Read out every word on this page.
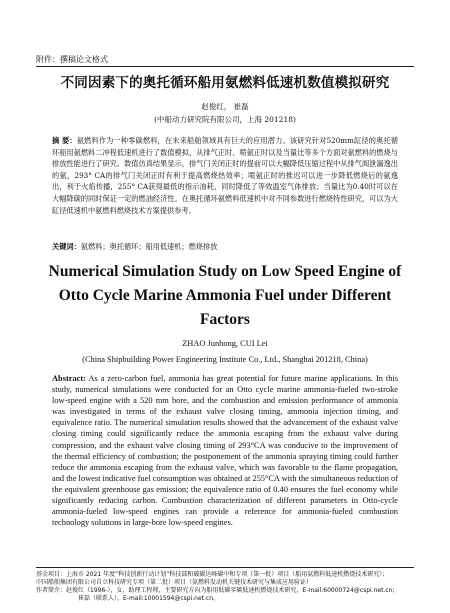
附件：撰稿论文格式
不同因素下的奥托循环船用氨燃料低速机数值模拟研究
赵俊红， 崔磊
(中船动力研究院有限公司，上海 201218)
摘 要：氨燃料作为一种零碳燃料，在未来船舶领域具有巨大的应用潜力。该研究针对520mm缸径的奥托循环船用氨燃料二冲程低速机进行了数值模拟，从排气正时、喷氨正时以及当量比等多个方面对氨燃料的燃烧与排放性能进行了研究。数值仿真结果显示，排气门关闭正时的提前可以大幅降低压缩过程中从排气阀泄漏逸出的氨，293° CA的排气门关闭正时有利于提高燃烧热效率；喷氨正时的推迟可以进一步降低燃烧后的氨逸出，利于火焰传播，255° CA获得最低的指示油耗，同时降低了等效温室气体排放；当量比为0.40时可以在大幅降碳的同时保证一定的燃油经济性。在奥托循环氨燃料低速机中对不同参数进行燃烧特性研究，可以为大缸径低速机中氨燃料燃烧技术方案提供参考。
关键词：氨燃料；奥托循环；船用低速机；燃烧排放
Numerical Simulation Study on Low Speed Engine of Otto Cycle Marine Ammonia Fuel under Different Factors
ZHAO Junhong, CUI Lei
(China Shipbuilding Power Engineering Institute Co., Ltd., Shanghai 201218, China)
Abstract: As a zero-carbon fuel, ammonia has great potential for future marine applications. In this study, numerical simulations were conducted for an Otto cycle marine ammonia-fueled two-stroke low-speed engine with a 520 mm bore, and the combustion and emission performance of ammonia was investigated in terms of the exhaust valve closing timing, ammonia injection timing, and equivalence ratio. The numerical simulation results showed that the advancement of the exhaust valve closing timing could significantly reduce the ammonia escaping from the exhaust valve during compression, and the exhaust valve closing timing of 293°CA was conducive to the improvement of the thermal efficiency of combustion; the postponement of the ammonia spraying timing could further reduce the ammonia escaping from the exhaust valve, which was favorable to the flame propagation, and the lowest indicative fuel consumption was obtained at 255°CA with the simultaneous reduction of the equivalent greenhouse gas emission; the equivalence ratio of 0.40 ensures the fuel economy while significantly reducing carbon. Combustion characterization of different parameters in Otto-cycle ammonia-fueled low-speed engines can provide a reference for ammonia-fueled combustion technology solutions in large-bore low-speed engines.
基金项目：上海市 2021 年度“科技创新行动计划”科技部和破碳达峰碳中和专项（第一批）项目（船用氨燃料低速机燃烧技术研究）；
中国船舶集团有限公司自立科技研究专项（第二批）项目（氨燃料发动机关键技术研究与集成应用验证）
作者简介：赵俊红（1996-），女，助理工程师，主要研究方向为船用低碳零碳低速机燃烧技术研究，E-mail:60000724@cspi.net.cn;
崔磊（联系人），E-mail:10001594@cspi.net.cn。
